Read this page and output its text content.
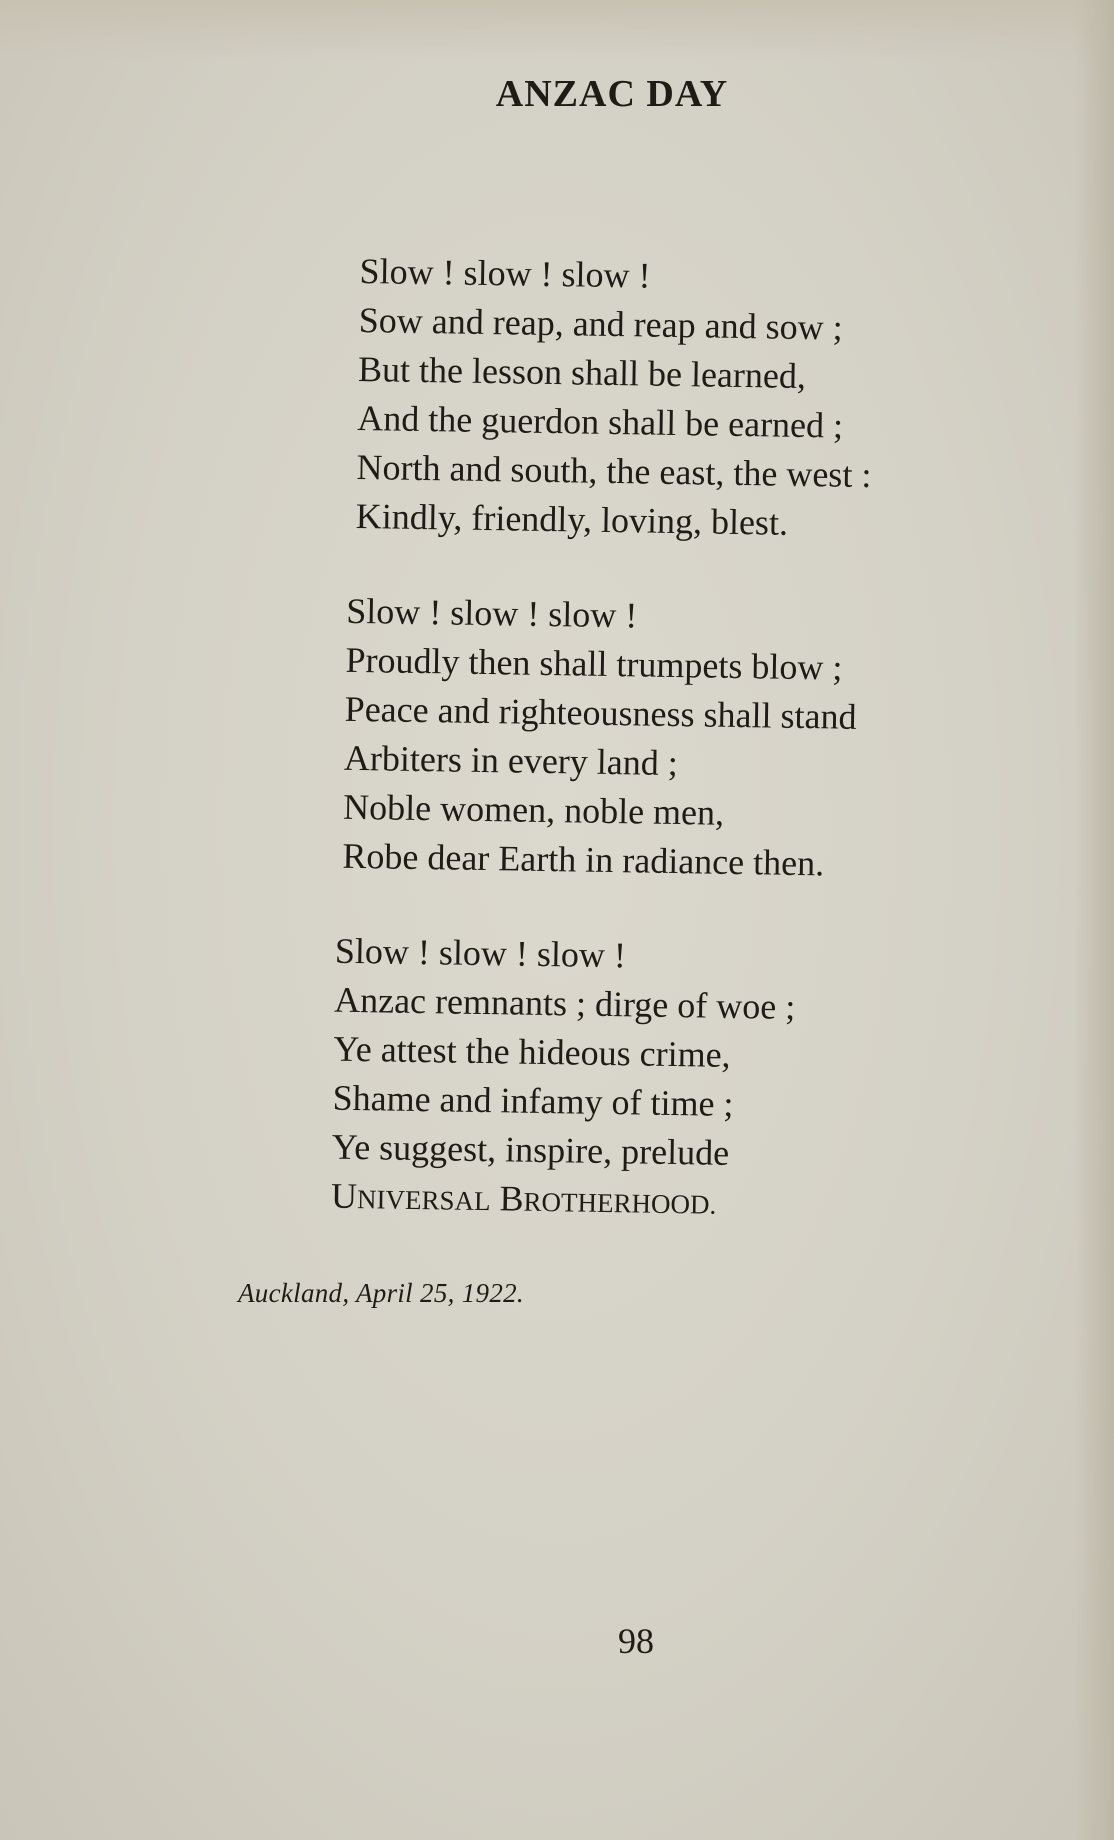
ANZAC DAY
Slow ! slow ! slow !
Sow and reap, and reap and sow ;
But the lesson shall be learned,
And the guerdon shall be earned ;
North and south, the east, the west :
Kindly, friendly, loving, blest.
Slow ! slow ! slow !
Proudly then shall trumpets blow ;
Peace and righteousness shall stand
Arbiters in every land ;
Noble women, noble men,
Robe dear Earth in radiance then.
Slow ! slow ! slow !
Anzac remnants ; dirge of woe ;
Ye attest the hideous crime,
Shame and infamy of time ;
Ye suggest, inspire, prelude
UNIVERSAL BROTHERHOOD.
Auckland, April 25, 1922.
98
